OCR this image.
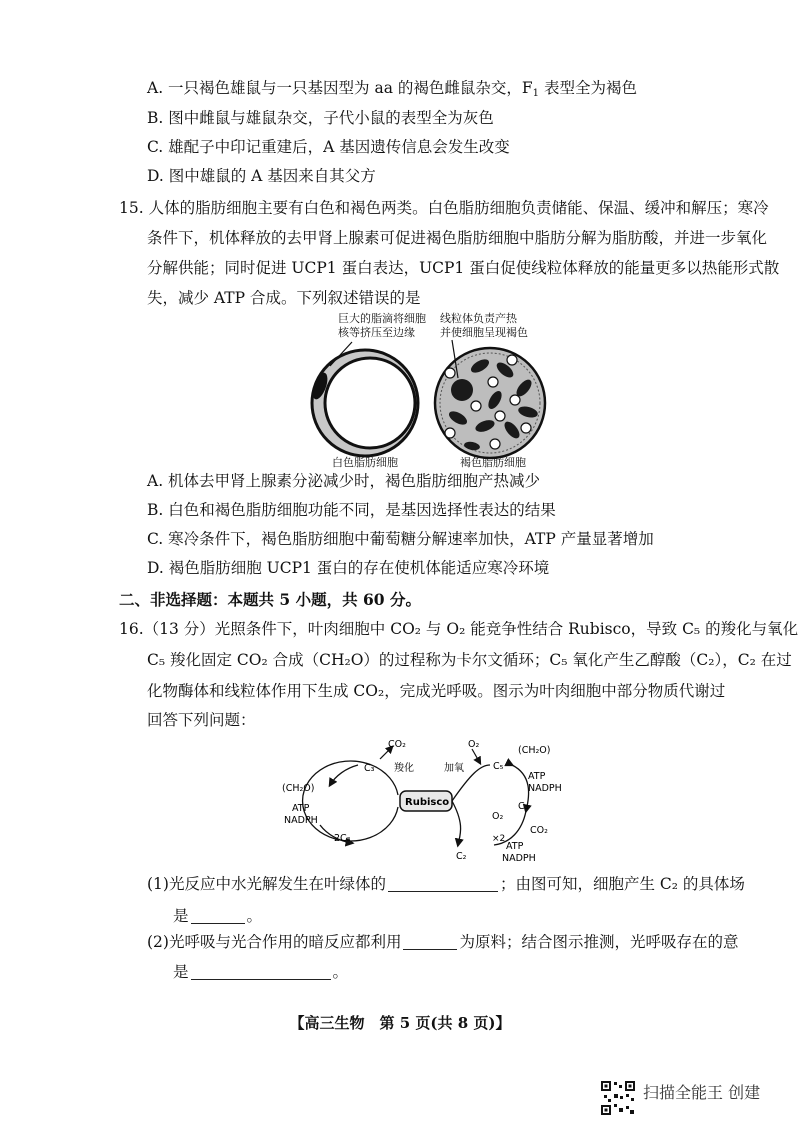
A. 一只褐色雄鼠与一只基因型为 aa 的褐色雌鼠杂交，$F_1$ 表型全为褐色
B. 图中雌鼠与雄鼠杂交，子代小鼠的表型全为灰色
C. 雄配子中印记重建后，A 基因遗传信息会发生改变
D. 图中雄鼠的 A 基因来自其父方
15. 人体的脂肪细胞主要有白色和褐色两类。白色脂肪细胞负责储能、保温、缓冲和解压；寒冷
条件下，机体释放的去甲肾上腺素可促进褐色脂肪细胞中脂肪分解为脂肪酸，并进一步氧化
分解供能；同时促进 UCP1 蛋白表达，UCP1 蛋白促使线粒体释放的能量更多以热能形式散
失，减少 ATP 合成。下列叙述错误的是
巨大的脂滴将细胞
核等挤压至边缘
线粒体负责产热
并使细胞呈现褐色
白色脂肪细胞	褐色脂肪细胞
A. 机体去甲肾上腺素分泌减少时，褐色脂肪细胞产热减少
B. 白色和褐色脂肪细胞功能不同，是基因选择性表达的结果
C. 寒冷条件下，褐色脂肪细胞中葡萄糖分解速率加快，ATP 产量显著增加
D. 褐色脂肪细胞 UCP1 蛋白的存在使机体能适应寒冷环境
二、非选择题：本题共 5 小题，共 60 分。
16.（13 分）光照条件下，叶肉细胞中 CO₂ 与 O₂ 能竞争性结合 Rubisco，导致 C₅ 的羧化与氧化
C₅ 羧化固定 CO₂ 合成（CH₂O）的过程称为卡尔文循环；C₅ 氧化产生乙醇酸（C₂），C₂ 在过
化物酶体和线粒体作用下生成 CO₂，完成光呼吸。图示为叶肉细胞中部分物质代谢过
回答下列问题：
CO₂
C₃ 羧化
(CH₂O)
ATP
NADPH
2C₃
Rubisco
O₂
加氧	C₅
C₂
(CH₂O)
ATP
NADPH
C₃
O₂
×2
CO₂
ATP
NADPH
(1)光反应中水光解发生在叶绿体的	；由图可知，细胞产生 C₂ 的具体场
是	。
(2)光呼吸与光合作用的暗反应都利用	为原料；结合图示推测，光呼吸存在的意
是	。
【高三生物　第 5 页(共 8 页)】
扫描全能王 创建
